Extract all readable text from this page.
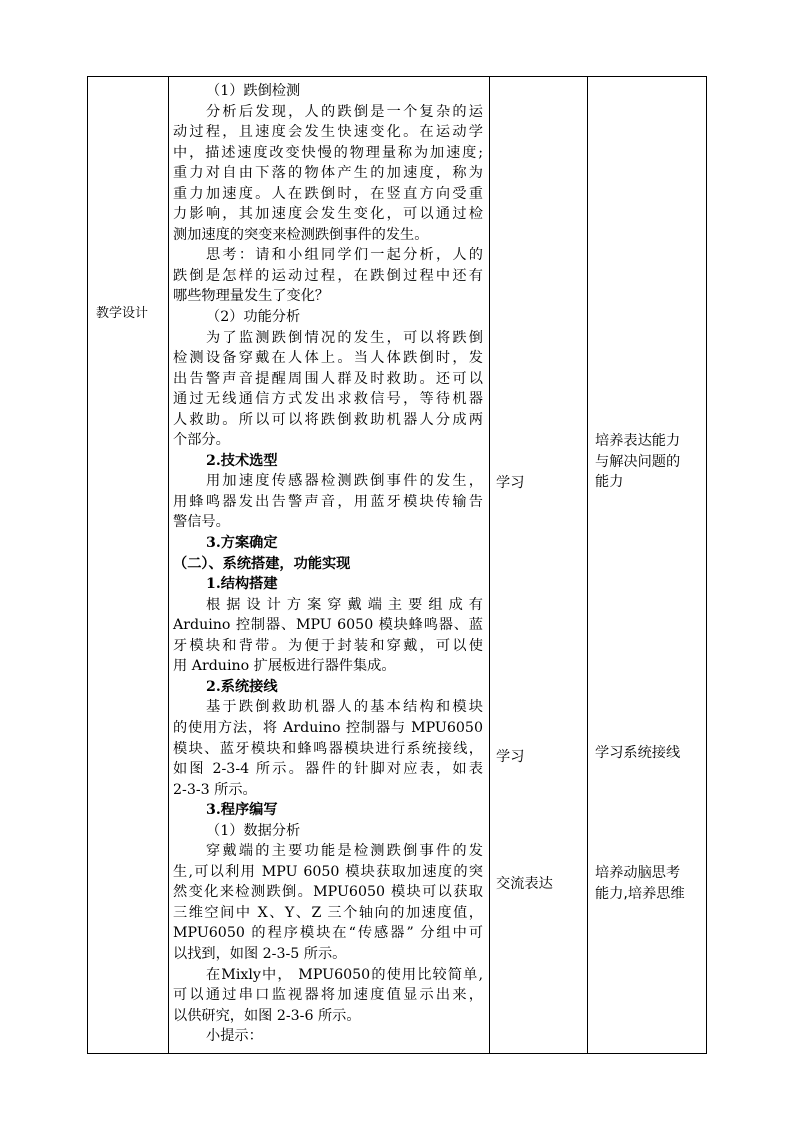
教学设计
（1）跌倒检测
分析后发现，人的跌倒是一个复杂的运
动过程，且速度会发生快速变化。在运动学
中，描述速度改变快慢的物理量称为加速度;
重力对自由下落的物体产生的加速度，称为
重力加速度。人在跌倒时，在竖直方向受重
力影响，其加速度会发生变化，可以通过检
测加速度的突变来检测跌倒事件的发生。
思考：请和小组同学们一起分析，人的
跌倒是怎样的运动过程，在跌倒过程中还有
哪些物理量发生了变化？
（2）功能分析
为了监测跌倒情况的发生，可以将跌倒
检测设备穿戴在人体上。当人体跌倒时，发
出告警声音提醒周围人群及时救助。还可以
通过无线通信方式发出求救信号，等待机器
人救助。所以可以将跌倒救助机器人分成两
个部分。
2.技术选型
用加速度传感器检测跌倒事件的发生，
用蜂鸣器发出告警声音，用蓝牙模块传输告
警信号。
3.方案确定
（二）、系统搭建，功能实现
1.结构搭建
根据设计方案穿戴端主要组成有
Arduino 控制器、MPU 6050 模块蜂鸣器、蓝
牙模块和背带。为便于封装和穿戴，可以使
用 Arduino 扩展板进行器件集成。
2.系统接线
基于跌倒救助机器人的基本结构和模块
的使用方法，将 Arduino 控制器与 MPU6050
模块、蓝牙模块和蜂鸣器模块进行系统接线，
如图 2-3-4 所示。器件的针脚对应表，如表
2-3-3 所示。
3.程序编写
（1）数据分析
穿戴端的主要功能是检测跌倒事件的发
生,可以利用 MPU 6050 模块获取加速度的突
然变化来检测跌倒。MPU6050 模块可以获取
三维空间中 X、Y、Z 三个轴向的加速度值，
MPU6050 的程序模块在“传感器” 分组中可
以找到，如图 2-3-5 所示。
在Mixly中， MPU6050的使用比较简单,
可以通过串口监视器将加速度值显示出来，
以供研究，如图 2-3-6 所示。
小提示：
学习
学习
交流表达
培养表达能力
与解决问题的
能力
学习系统接线
培养动脑思考
能力,培养思维
